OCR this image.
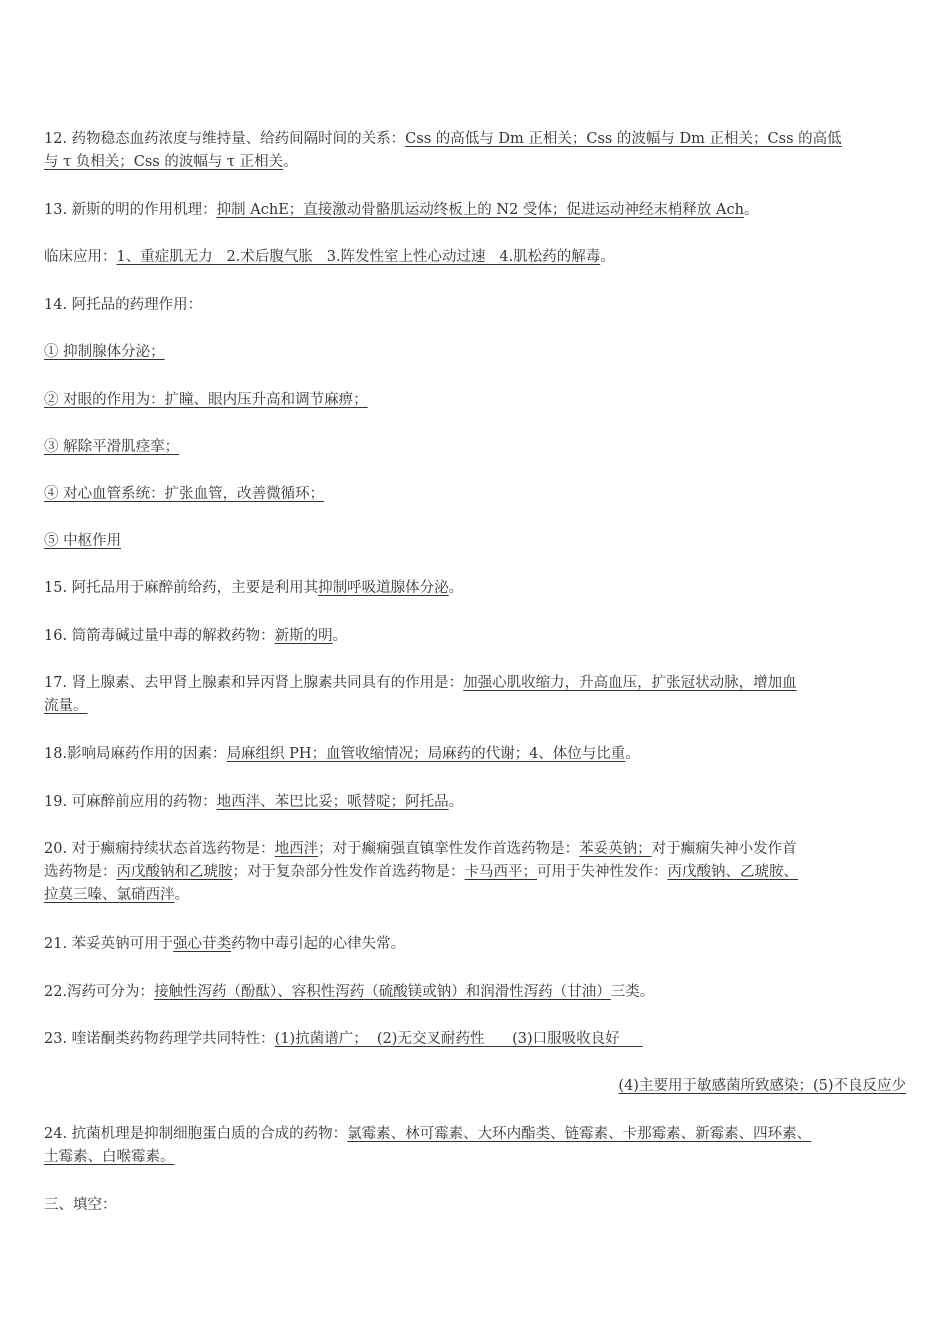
12. 药物稳态血药浓度与维持量、给药间隔时间的关系：Css 的高低与 Dm 正相关；Css 的波幅与 Dm 正相关；Css 的高低
与 τ 负相关；Css 的波幅与 τ 正相关。
13. 新斯的明的作用机理：抑制 AchE；直接激动骨骼肌运动终板上的 N2 受体；促进运动神经末梢释放 Ach。
临床应用：1、重症肌无力   2.术后腹气胀   3.阵发性室上性心动过速   4.肌松药的解毒。
14. 阿托品的药理作用：
① 抑制腺体分泌；
② 对眼的作用为：扩瞳、眼内压升高和调节麻痹；
③ 解除平滑肌痉挛；
④ 对心血管系统：扩张血管，改善微循环；
⑤ 中枢作用
15. 阿托品用于麻醉前给药，主要是利用其抑制呼吸道腺体分泌。
16. 筒箭毒碱过量中毒的解救药物：新斯的明。
17. 肾上腺素、去甲肾上腺素和异丙肾上腺素共同具有的作用是：加强心肌收缩力，升高血压，扩张冠状动脉，增加血
流量。
18.影响局麻药作用的因素：局麻组织 PH；血管收缩情况；局麻药的代谢；4、体位与比重。
19. 可麻醉前应用的药物：地西泮、苯巴比妥；哌替啶；阿托品。
20. 对于癫痫持续状态首选药物是：地西泮；对于癫痫强直镇挛性发作首选药物是：苯妥英钠；对于癫痫失神小发作首
选药物是：丙戊酸钠和乙琥胺；对于复杂部分性发作首选药物是：卡马西平；可用于失神性发作：丙戊酸钠、乙琥胺、
拉莫三嗪、氯硝西泮。
21. 苯妥英钠可用于强心苷类药物中毒引起的心律失常。
22.泻药可分为：接触性泻药（酚酞）、容积性泻药（硫酸镁或钠）和润滑性泻药（甘油）三类。
23. 喹诺酮类药物药理学共同特性：(1)抗菌谱广；  (2)无交叉耐药性      (3)口服吸收良好
(4)主要用于敏感菌所致感染；(5)不良反应少
24. 抗菌机理是抑制细胞蛋白质的合成的药物：氯霉素、林可霉素、大环内酯类、链霉素、卡那霉素、新霉素、四环素、
土霉素、白喉霉素。
三、填空：
